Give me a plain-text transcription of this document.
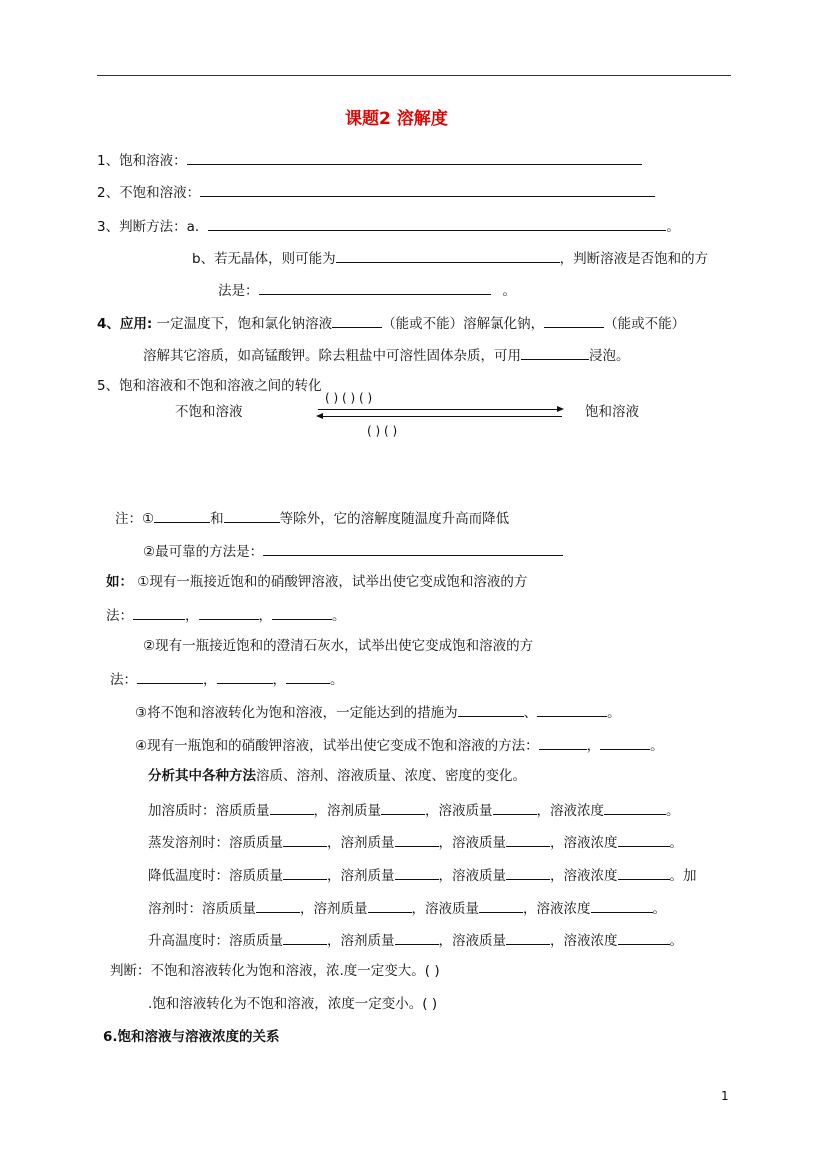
课题2 溶解度
1、饱和溶液：
2、不饱和溶液：
3、判断方法：a．	。
b、若无晶体，则可能为	，判断溶液是否饱和的方
法是：	。
4、应用: 一定温度下，饱和氯化钠溶液	（能或不能）溶解氯化钠，	（能或不能）
溶解其它溶质，如高锰酸钾。除去粗盐中可溶性固体杂质，可用	浸泡。
5、饱和溶液和不饱和溶液之间的转化
( ) ( ) ( )
不饱和溶液	饱和溶液
( ) ( )
注：①	和	等除外，它的溶解度随温度升高而降低
②最可靠的方法是：
如： ①现有一瓶接近饱和的硝酸钾溶液，试举出使它变成饱和溶液的方
法：	，	，	。
②现有一瓶接近饱和的澄清石灰水，试举出使它变成饱和溶液的方
法：	，	，	。
③将不饱和溶液转化为饱和溶液，一定能达到的措施为	、	。
④现有一瓶饱和的硝酸钾溶液，试举出使它变成不饱和溶液的方法：	，	。
分析其中各种方法溶质、溶剂、溶液质量、浓度、密度的变化。
加溶质时：溶质质量	，溶剂质量	，溶液质量	，溶液浓度	。
蒸发溶剂时：溶质质量	，溶剂质量	，溶液质量	，溶液浓度	。
降低温度时：溶质质量	，溶剂质量	，溶液质量	，溶液浓度	。加
溶剂时：溶质质量	，溶剂质量	，溶液质量	，溶液浓度	。
升高温度时：溶质质量	，溶剂质量	，溶液质量	，溶液浓度	。
判断：不饱和溶液转化为饱和溶液，浓.度一定变大。( )
.饱和溶液转化为不饱和溶液，浓度一定变小。( )
6.饱和溶液与溶液浓度的关系
1
